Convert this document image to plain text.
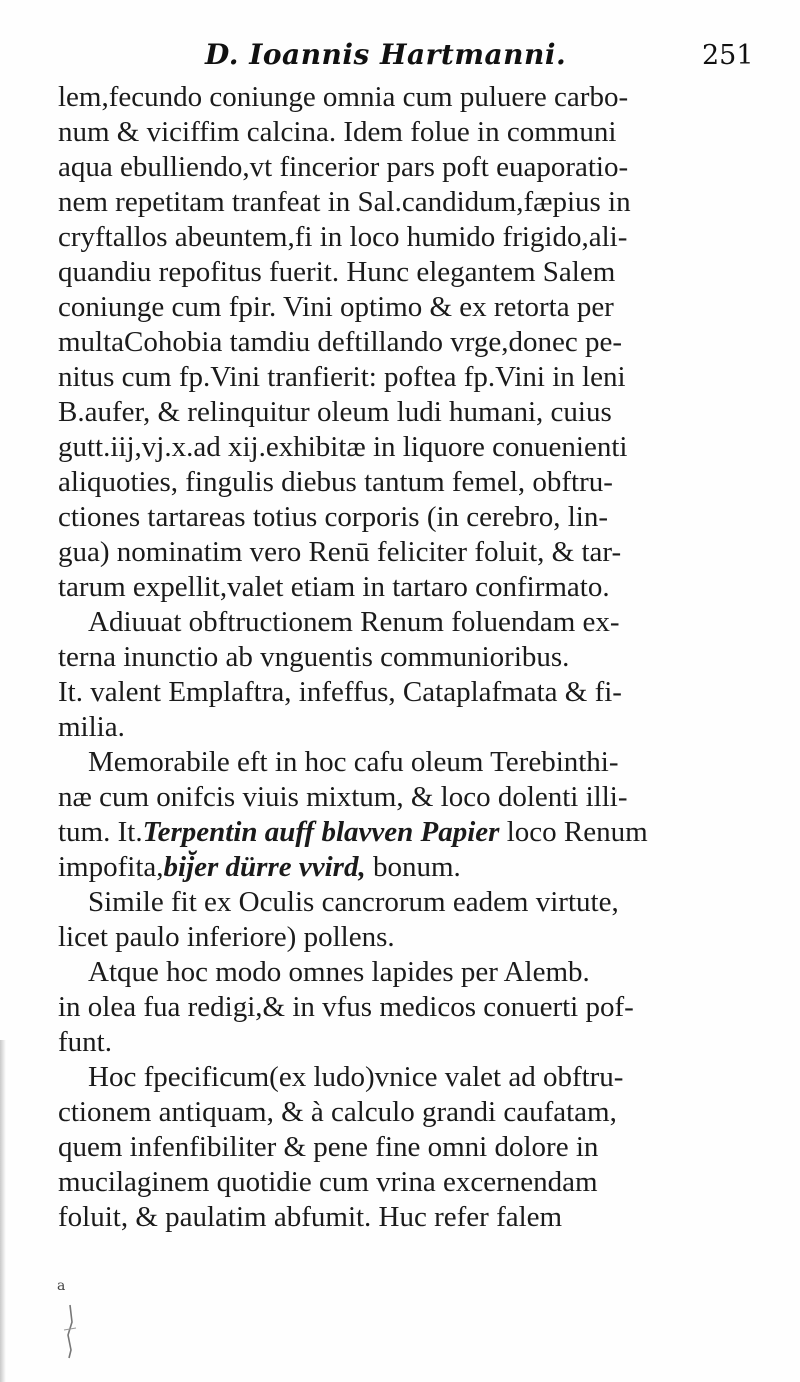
D. Ioannis Hartmanni.	251
lem,fecundo coniunge omnia cum puluere carbo-
num & viciffim calcina. Idem folue in communi
aqua ebulliendo,vt fincerior pars poft euaporatio-
nem repetitam tranfeat in Sal.candidum,fæpius in
cryftallos abeuntem,fi in loco humido frigido,ali-
quandiu repofitus fuerit. Hunc elegantem Salem
coniunge cum fpir. Vini optimo & ex retorta per
multaCohobia tamdiu deftillando vrge,donec pe-
nitus cum fp.Vini tranfierit: poftea fp.Vini in leni
B.aufer, & relinquitur oleum ludi humani, cuius
gutt.iij,vj.x.ad xij.exhibitæ in liquore conuenienti
aliquoties, fingulis diebus tantum femel, obftru-
ctiones tartareas totius corporis (in cerebro, lin-
gua) nominatim vero Renū feliciter foluit, & tar-
tarum expellit,valet etiam in tartaro confirmato.
Adiuuat obftructionem Renum foluendam ex-
terna inunctio ab vnguentis communioribus.
It. valent Emplaftra, infeffus, Cataplafmata & fi-
milia.
Memorabile eft in hoc cafu oleum Terebinthi-
næ cum onifcis viuis mixtum, & loco dolenti illi-
tum. It.Terpentin auff blavven Papier loco Renum
impofita,bij̆er dürre vvird, bonum.
Simile fit ex Oculis cancrorum eadem virtute,
licet paulo inferiore) pollens.
Atque hoc modo omnes lapides per Alemb.
in olea fua redigi,& in vfus medicos conuerti pof-
funt.
Hoc fpecificum(ex ludo)vnice valet ad obftru-
ctionem antiquam, & à calculo grandi caufatam,
quem infenfibiliter & pene fine omni dolore in
mucilaginem quotidie cum vrina excernendam
foluit, & paulatim abfumit. Huc refer falem
a
